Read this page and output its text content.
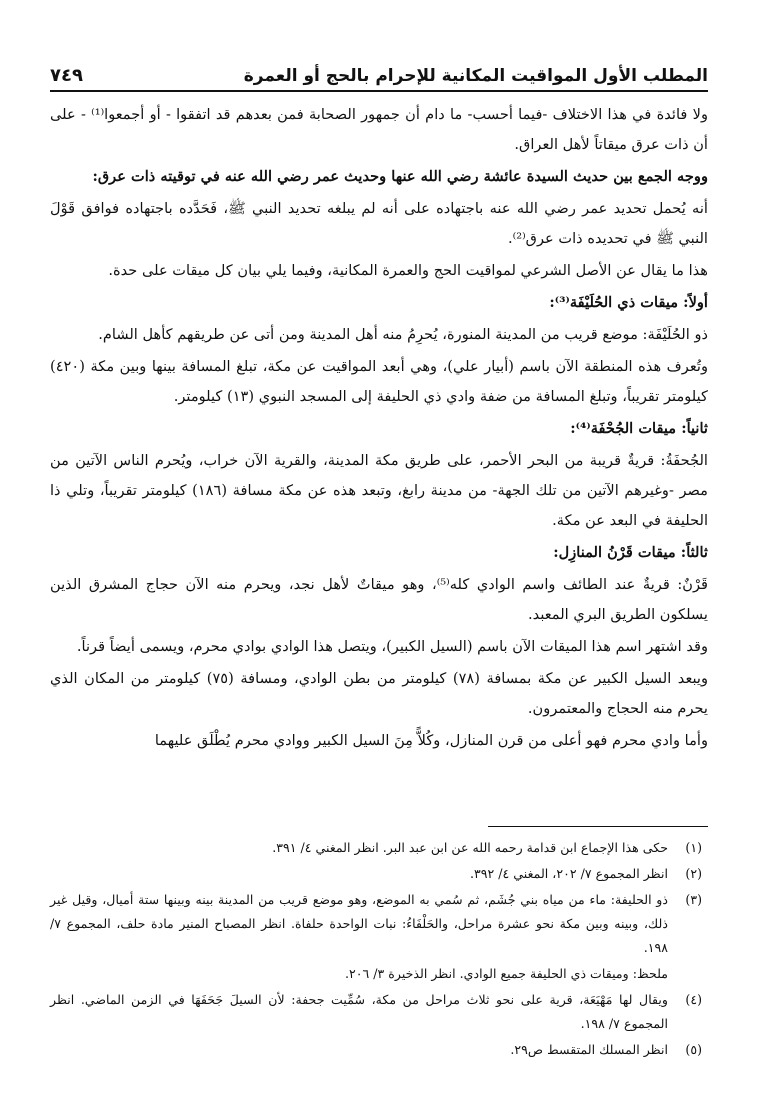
المطلب الأول المواقيت المكانية للإحرام بالحج أو العمرة
٧٤٩

ولا فائدة في هذا الاختلاف -فيما أحسب- ما دام أن جمهور الصحابة فمن بعدهم قد اتفقوا - أو أجمعوا⁽¹⁾ - على أن ذات عرق ميقاتاً لأهل العراق.

ووجه الجمع بين حديث السيدة عائشة رضي الله عنها وحديث عمر رضي الله عنه في توقيته ذات عرق:

أنه يُحمل تحديد عمر رضي الله عنه باجتهاده على أنه لم يبلغه تحديد النبي ﷺ، فَحَدَّده باجتهاده فوافق قَوْلَ النبي ﷺ في تحديده ذات عرق⁽²⁾.

هذا ما يقال عن الأصل الشرعي لمواقيت الحج والعمرة المكانية، وفيما يلي بيان كل ميقات على حدة.

أولاً: ميقات ذي الحُلَيْفَة⁽³⁾:

ذو الحُلَيْفَة: موضع قريب من المدينة المنورة، يُحرِمُ منه أهل المدينة ومن أتى عن طريقهم كأهل الشام.

وتُعرف هذه المنطقة الآن باسم (أبيار علي)، وهي أبعد المواقيت عن مكة، تبلغ المسافة بينها وبين مكة (٤٢٠) كيلومتر تقريباً، وتبلغ المسافة من ضفة وادي ذي الحليفة إلى المسجد النبوي (١٣) كيلومتر.

ثانياً: ميقات الجُحْفَة⁽⁴⁾:

الجُحفَةُ: قريةٌ قريبة من البحر الأحمر، على طريق مكة المدينة، والقرية الآن خراب، ويُحرم الناس الآتين من مصر -وغيرهم الآتين من تلك الجهة- من مدينة رابغ، وتبعد هذه عن مكة مسافة (١٨٦) كيلومتر تقريباً، وتلي ذا الحليفة في البعد عن مكة.

ثالثاً: ميقات قَرْنُ المنازِل:

قَرْنٌ: قريةٌ عند الطائف واسم الوادي كله⁽⁵⁾، وهو ميقاتٌ لأهل نجد، ويحرم منه الآن حجاج المشرق الذين يسلكون الطريق البري المعبد.

وقد اشتهر اسم هذا الميقات الآن باسم (السيل الكبير)، ويتصل هذا الوادي بوادي محرم، ويسمى أيضاً قرناً.

ويبعد السيل الكبير عن مكة بمسافة (٧٨) كيلومتر من بطن الوادي، ومسافة (٧٥) كيلومتر من المكان الذي يحرم منه الحجاج والمعتمرون.

وأما وادي محرم فهو أعلى من قرن المنازل، وكُلاًّ مِنَ السيل الكبير ووادي محرم يُطْلَق عليهما

(١)
حكى هذا الإجماع ابن قدامة رحمه الله عن ابن عبد البر. انظر المغني ٤/ ٣٩١.
(٢)
انظر المجموع ٧/ ٢٠٢، المغني ٤/ ٣٩٢.
(٣)
ذو الحليفة: ماء من مياه بني جُشَم، ثم سُمي به الموضع، وهو موضع قريب من المدينة بينه وبينها ستة أميال، وقيل غير ذلك، وبينه وبين مكة نحو عشرة مراحل، والحَلْفَاءُ: نبات الواحدة حلفاة. انظر المصباح المنير مادة حلف، المجموع ٧/ ١٩٨.
ملحظ: وميقات ذي الحليفة جميع الوادي. انظر الذخيرة ٣/ ٢٠٦.
(٤)
ويقال لها مَهْيَعَة، قرية على نحو ثلاث مراحل من مكة، سُمِّيت جحفة: لأن السيلَ جَحَفَهَا في الزمن الماضي. انظر المجموع ٧/ ١٩٨.
(٥)
انظر المسلك المتقسط ص٢٩.
